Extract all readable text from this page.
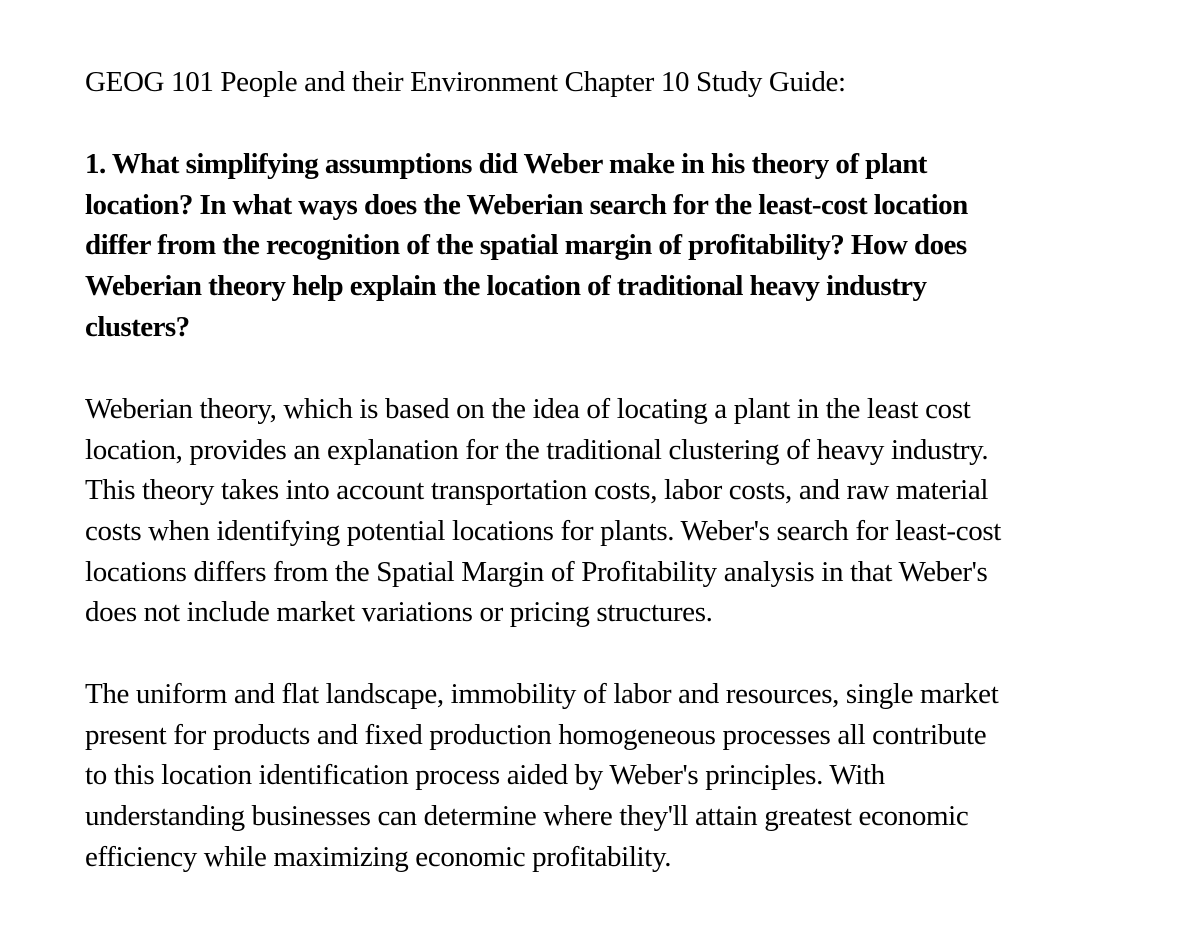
GEOG 101 People and their Environment Chapter 10 Study Guide:
1. What simplifying assumptions did Weber make in his theory of plant
location? In what ways does the Weberian search for the least-cost location
differ from the recognition of the spatial margin of profitability? How does
Weberian theory help explain the location of traditional heavy industry
clusters?
Weberian theory, which is based on the idea of locating a plant in the least cost
location, provides an explanation for the traditional clustering of heavy industry.
This theory takes into account transportation costs, labor costs, and raw material
costs when identifying potential locations for plants. Weber's search for least-cost
locations differs from the Spatial Margin of Profitability analysis in that Weber's
does not include market variations or pricing structures.
The uniform and flat landscape, immobility of labor and resources, single market
present for products and fixed production homogeneous processes all contribute
to this location identification process aided by Weber's principles. With
understanding businesses can determine where they'll attain greatest economic
efficiency while maximizing economic profitability.
